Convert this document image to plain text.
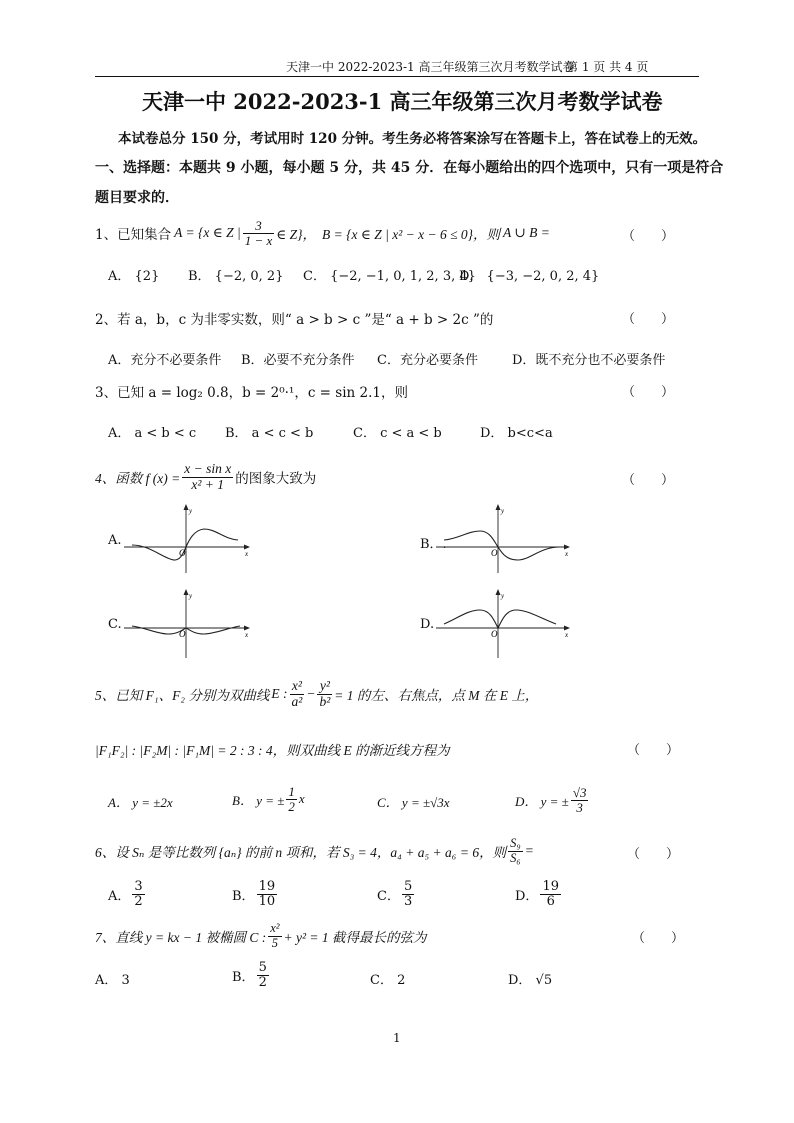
天津一中 2022-2023-1 高三年级第三次月考数学试卷
第 1 页 共 4 页
天津一中 2022-2023-1 高三年级第三次月考数学试卷
本试卷总分 150 分，考试用时 120 分钟。考生务必将答案涂写在答题卡上，答在试卷上的无效。
一、选择题：本题共 9 小题，每小题 5 分，共 45 分．在每小题给出的四个选项中，只有一项是符合
题目要求的．
1、已知集合 A = {x ∈ Z | $\frac{3}{1 - x}$ ∈ Z}， B = {x ∈ Z | x² − x − 6 ≤ 0}，则 A ∪ B =	（　　）
A． {2} B． {−2, 0, 2} C． {−2, −1, 0, 1, 2, 3, 4}
D． {−3, −2, 0, 2, 4}
2、若 a，b，c 为非零实数，则“ a > b > c ”是“ a + b > 2c ”的	（　　）
A．充分不必要条件 B．必要不充分条件 C．充分必要条件	D．既不充分也不必要条件
3、已知 a = log₂ 0.8，b = 2⁰·¹，c = sin 2.1，则	（　　）
A． a < b < c B． a < c < b	C． c < a < b	D． b<c<a
4、函数 f $(x) = \frac{\text{x − sin x}}{\text{x² + 1}}$ 的图象大致为	（　　）
A.	B．.
C.	D.
O
y
x	O
y
x
O
y
x	O
y
x
5、已知 F₁、F₂ 分别为双曲线 E : $\frac{\text{x²}}{\text{a²}} - \frac{\text{y²}}{\text{b²}} = 1$ 的左、右焦点，点 M 在 E 上，
|F₁F₂| : |F₂M| : |F₁M| = 2 : 3 : 4，则双曲线 E 的渐近线方程为	（　　）
A． y = ±2x	B． y = ± $\frac{1}{2}$ x	C． y = ±√3x	D． y = ± $\frac{√3}{3}$
6、设 Sₙ 是等比数列 {aₙ} 的前 n 项和，若 S₃ = 4，a₄ + a₅ + a₆ = 6，则 $\frac{\text{S₉}}{\text{S₆}}$ =	（　　）
A． $\frac{3}{2}$	B． $\frac{19}{10}$	C． $\frac{5}{3}$	D． $\frac{19}{6}$
7、直线 y = kx − 1 被椭圆 C : $\frac{\text{x²}}{5} + y^2 = 1$ 截得最长的弦为	（　　）
A． 3	B． $\frac{5}{2}$	C． 2	D． √5
1
